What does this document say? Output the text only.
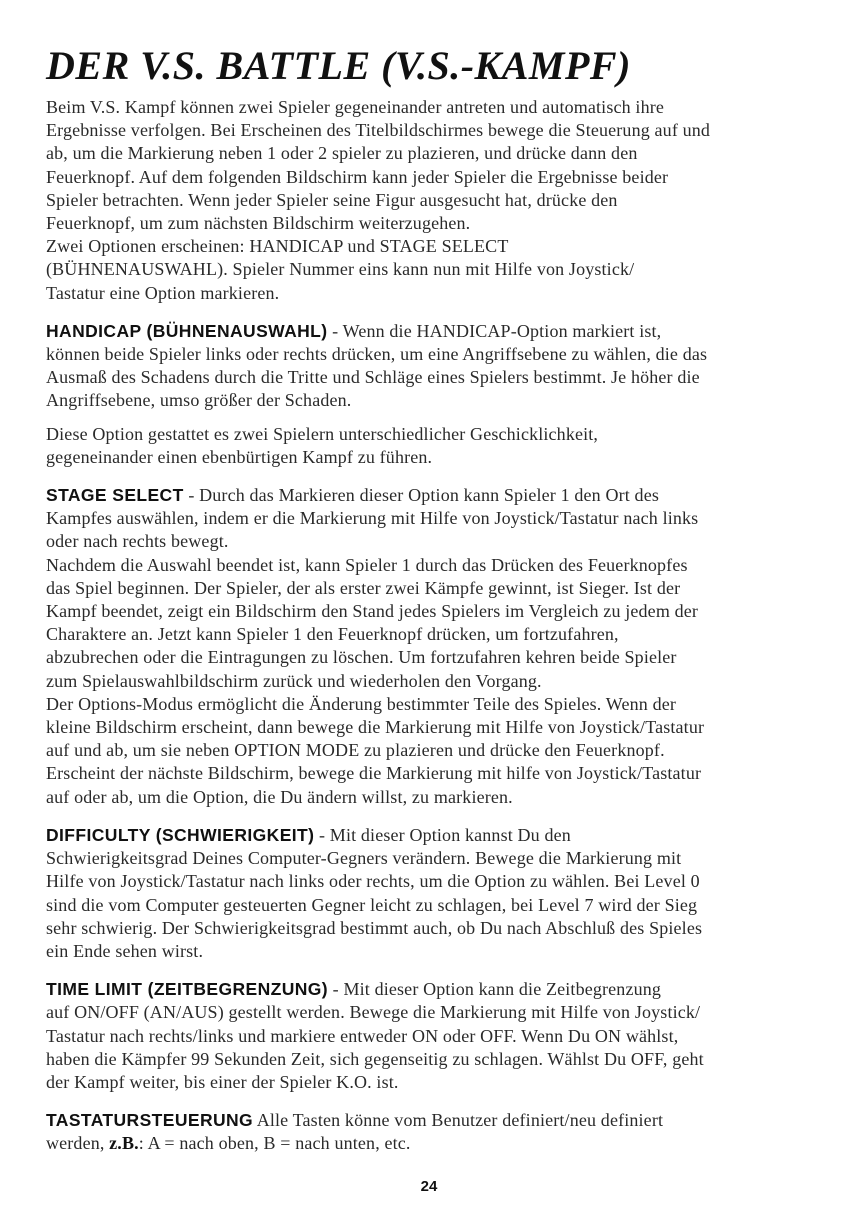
DER V.S. BATTLE (V.S.-KAMPF)
Beim V.S. Kampf können zwei Spieler gegeneinander antreten und automatisch ihre
Ergebnisse verfolgen. Bei Erscheinen des Titelbildschirmes bewege die Steuerung auf und
ab, um die Markierung neben 1 oder 2 spieler zu plazieren, und drücke dann den
Feuerknopf. Auf dem folgenden Bildschirm kann jeder Spieler die Ergebnisse beider
Spieler betrachten. Wenn jeder Spieler seine Figur ausgesucht hat, drücke den
Feuerknopf, um zum nächsten Bildschirm weiterzugehen.
Zwei Optionen erscheinen: HANDICAP und STAGE SELECT
(BÜHNENAUSWAHL). Spieler Nummer eins kann nun mit Hilfe von Joystick/
Tastatur eine Option markieren.
HANDICAP (BÜHNENAUSWAHL) - Wenn die HANDICAP-Option markiert ist,
können beide Spieler links oder rechts drücken, um eine Angriffsebene zu wählen, die das
Ausmaß des Schadens durch die Tritte und Schläge eines Spielers bestimmt. Je höher die
Angriffsebene, umso größer der Schaden.
Diese Option gestattet es zwei Spielern unterschiedlicher Geschicklichkeit,
gegeneinander einen ebenbürtigen Kampf zu führen.
STAGE SELECT - Durch das Markieren dieser Option kann Spieler 1 den Ort des
Kampfes auswählen, indem er die Markierung mit Hilfe von Joystick/Tastatur nach links
oder nach rechts bewegt.
Nachdem die Auswahl beendet ist, kann Spieler 1 durch das Drücken des Feuerknopfes
das Spiel beginnen. Der Spieler, der als erster zwei Kämpfe gewinnt, ist Sieger. Ist der
Kampf beendet, zeigt ein Bildschirm den Stand jedes Spielers im Vergleich zu jedem der
Charaktere an. Jetzt kann Spieler 1 den Feuerknopf drücken, um fortzufahren,
abzubrechen oder die Eintragungen zu löschen. Um fortzufahren kehren beide Spieler
zum Spielauswahlbildschirm zurück und wiederholen den Vorgang.
Der Options-Modus ermöglicht die Änderung bestimmter Teile des Spieles. Wenn der
kleine Bildschirm erscheint, dann bewege die Markierung mit Hilfe von Joystick/Tastatur
auf und ab, um sie neben OPTION MODE zu plazieren und drücke den Feuerknopf.
Erscheint der nächste Bildschirm, bewege die Markierung mit hilfe von Joystick/Tastatur
auf oder ab, um die Option, die Du ändern willst, zu markieren.
DIFFICULTY (SCHWIERIGKEIT) - Mit dieser Option kannst Du den
Schwierigkeitsgrad Deines Computer-Gegners verändern. Bewege die Markierung mit
Hilfe von Joystick/Tastatur nach links oder rechts, um die Option zu wählen. Bei Level 0
sind die vom Computer gesteuerten Gegner leicht zu schlagen, bei Level 7 wird der Sieg
sehr schwierig. Der Schwierigkeitsgrad bestimmt auch, ob Du nach Abschluß des Spieles
ein Ende sehen wirst.
TIME LIMIT (ZEITBEGRENZUNG) - Mit dieser Option kann die Zeitbegrenzung
auf ON/OFF (AN/AUS) gestellt werden. Bewege die Markierung mit Hilfe von Joystick/
Tastatur nach rechts/links und markiere entweder ON oder OFF. Wenn Du ON wählst,
haben die Kämpfer 99 Sekunden Zeit, sich gegenseitig zu schlagen. Wählst Du OFF, geht
der Kampf weiter, bis einer der Spieler K.O. ist.
TASTATURSTEUERUNG Alle Tasten könne vom Benutzer definiert/neu definiert
werden, z.B.: A = nach oben, B = nach unten, etc.
24
